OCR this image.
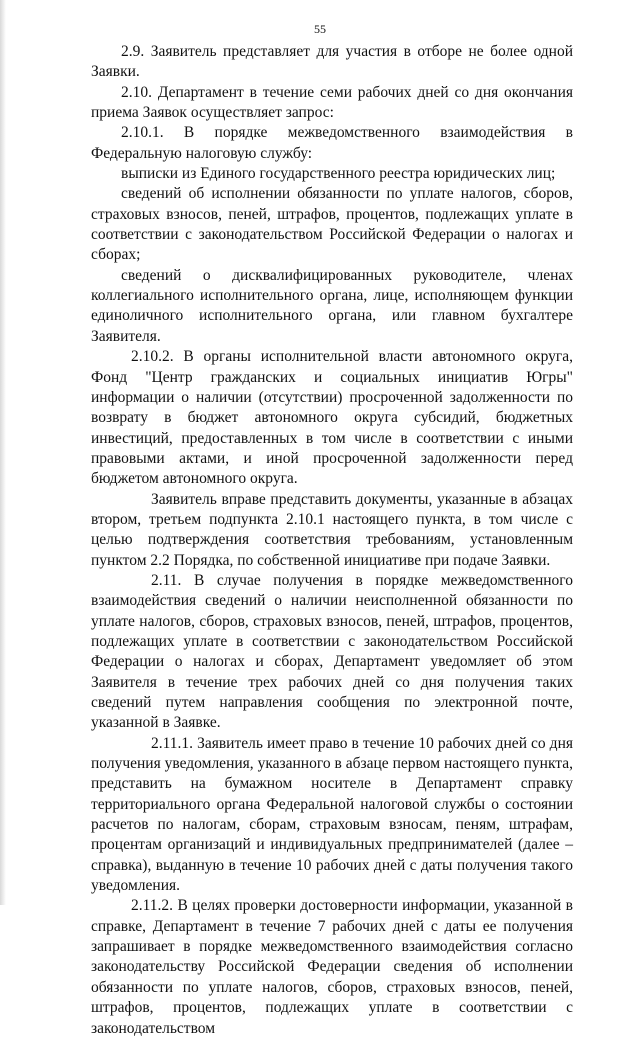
55

2.9. Заявитель представляет для участия в отборе не более одной Заявки.

2.10. Департамент в течение семи рабочих дней со дня окончания приема Заявок осуществляет запрос:

2.10.1. В порядке межведомственного взаимодействия в Федеральную налоговую службу:

выписки из Единого государственного реестра юридических лиц;

сведений об исполнении обязанности по уплате налогов, сборов, страховых взносов, пеней, штрафов, процентов, подлежащих уплате в соответствии с законодательством Российской Федерации о налогах и сборах;

сведений о дисквалифицированных руководителе, членах коллегиального исполнительного органа, лице, исполняющем функции единоличного исполнительного органа, или главном бухгалтере Заявителя.

2.10.2. В органы исполнительной власти автономного округа, Фонд "Центр гражданских и социальных инициатив Югры" информации о наличии (отсутствии) просроченной задолженности по возврату в бюджет автономного округа субсидий, бюджетных инвестиций, предоставленных в том числе в соответствии с иными правовыми актами, и иной просроченной задолженности перед бюджетом автономного округа.

Заявитель вправе представить документы, указанные в абзацах втором, третьем подпункта 2.10.1 настоящего пункта, в том числе с целью подтверждения соответствия требованиям, установленным пунктом 2.2 Порядка, по собственной инициативе при подаче Заявки.

2.11. В случае получения в порядке межведомственного взаимодействия сведений о наличии неисполненной обязанности по уплате налогов, сборов, страховых взносов, пеней, штрафов, процентов, подлежащих уплате в соответствии с законодательством Российской Федерации о налогах и сборах, Департамент уведомляет об этом Заявителя в течение трех рабочих дней со дня получения таких сведений путем направления сообщения по электронной почте, указанной в Заявке.

2.11.1. Заявитель имеет право в течение 10 рабочих дней со дня получения уведомления, указанного в абзаце первом настоящего пункта, представить на бумажном носителе в Департамент справку территориального органа Федеральной налоговой службы о состоянии расчетов по налогам, сборам, страховым взносам, пеням, штрафам, процентам организаций и индивидуальных предпринимателей (далее – справка), выданную в течение 10 рабочих дней с даты получения такого уведомления.

2.11.2. В целях проверки достоверности информации, указанной в справке, Департамент в течение 7 рабочих дней с даты ее получения запрашивает в порядке межведомственного взаимодействия согласно законодательству Российской Федерации сведения об исполнении обязанности по уплате налогов, сборов, страховых взносов, пеней, штрафов, процентов, подлежащих уплате в соответствии с законодательством
